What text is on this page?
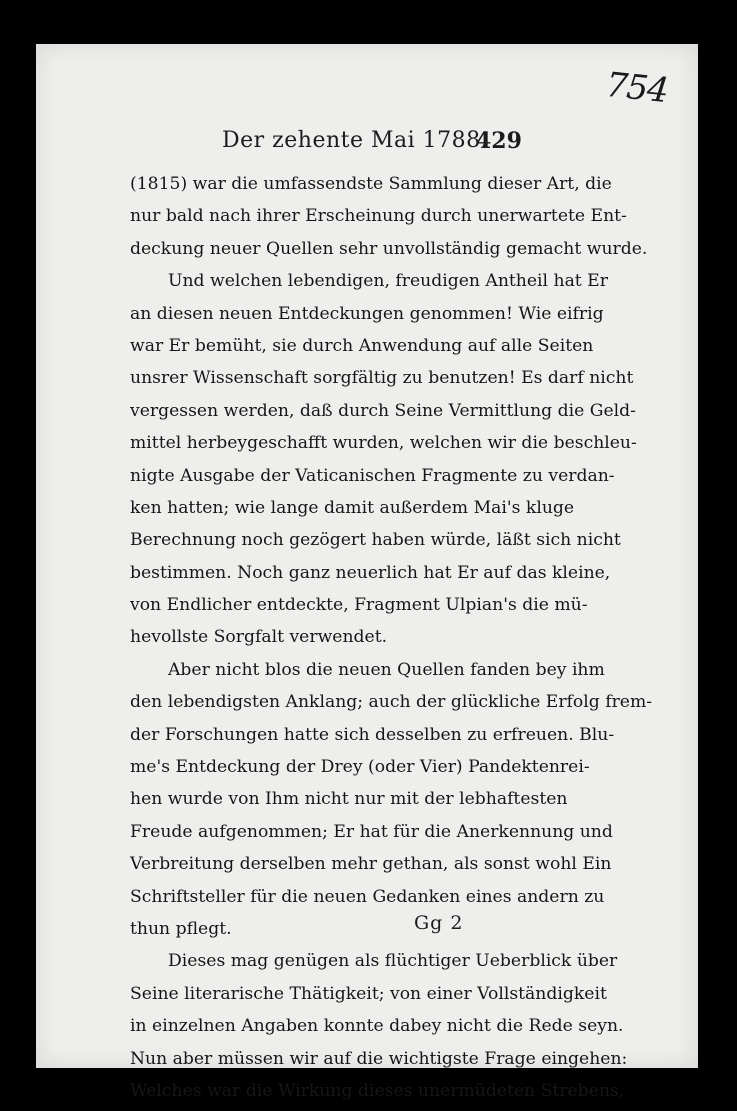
754
Der zehente Mai 1788.
429
(1815) war die umfassendste Sammlung dieser Art, die
nur bald nach ihrer Erscheinung durch unerwartete Ent-
deckung neuer Quellen sehr unvollständig gemacht wurde.
Und welchen lebendigen, freudigen Antheil hat Er
an diesen neuen Entdeckungen genommen! Wie eifrig
war Er bemüht, sie durch Anwendung auf alle Seiten
unsrer Wissenschaft sorgfältig zu benutzen! Es darf nicht
vergessen werden, daß durch Seine Vermittlung die Geld-
mittel herbeygeschafft wurden, welchen wir die beschleu-
nigte Ausgabe der Vaticanischen Fragmente zu verdan-
ken hatten; wie lange damit außerdem Mai's kluge
Berechnung noch gezögert haben würde, läßt sich nicht
bestimmen. Noch ganz neuerlich hat Er auf das kleine,
von Endlicher entdeckte, Fragment Ulpian's die mü-
hevollste Sorgfalt verwendet.
Aber nicht blos die neuen Quellen fanden bey ihm
den lebendigsten Anklang; auch der glückliche Erfolg frem-
der Forschungen hatte sich desselben zu erfreuen. Blu-
me's Entdeckung der Drey (oder Vier) Pandektenrei-
hen wurde von Ihm nicht nur mit der lebhaftesten
Freude aufgenommen; Er hat für die Anerkennung und
Verbreitung derselben mehr gethan, als sonst wohl Ein
Schriftsteller für die neuen Gedanken eines andern zu
thun pflegt.
Dieses mag genügen als flüchtiger Ueberblick über
Seine literarische Thätigkeit; von einer Vollständigkeit
in einzelnen Angaben konnte dabey nicht die Rede seyn.
Nun aber müssen wir auf die wichtigste Frage eingehen:
Welches war die Wirkung dieses unermüdeten Strebens,
Gg 2
